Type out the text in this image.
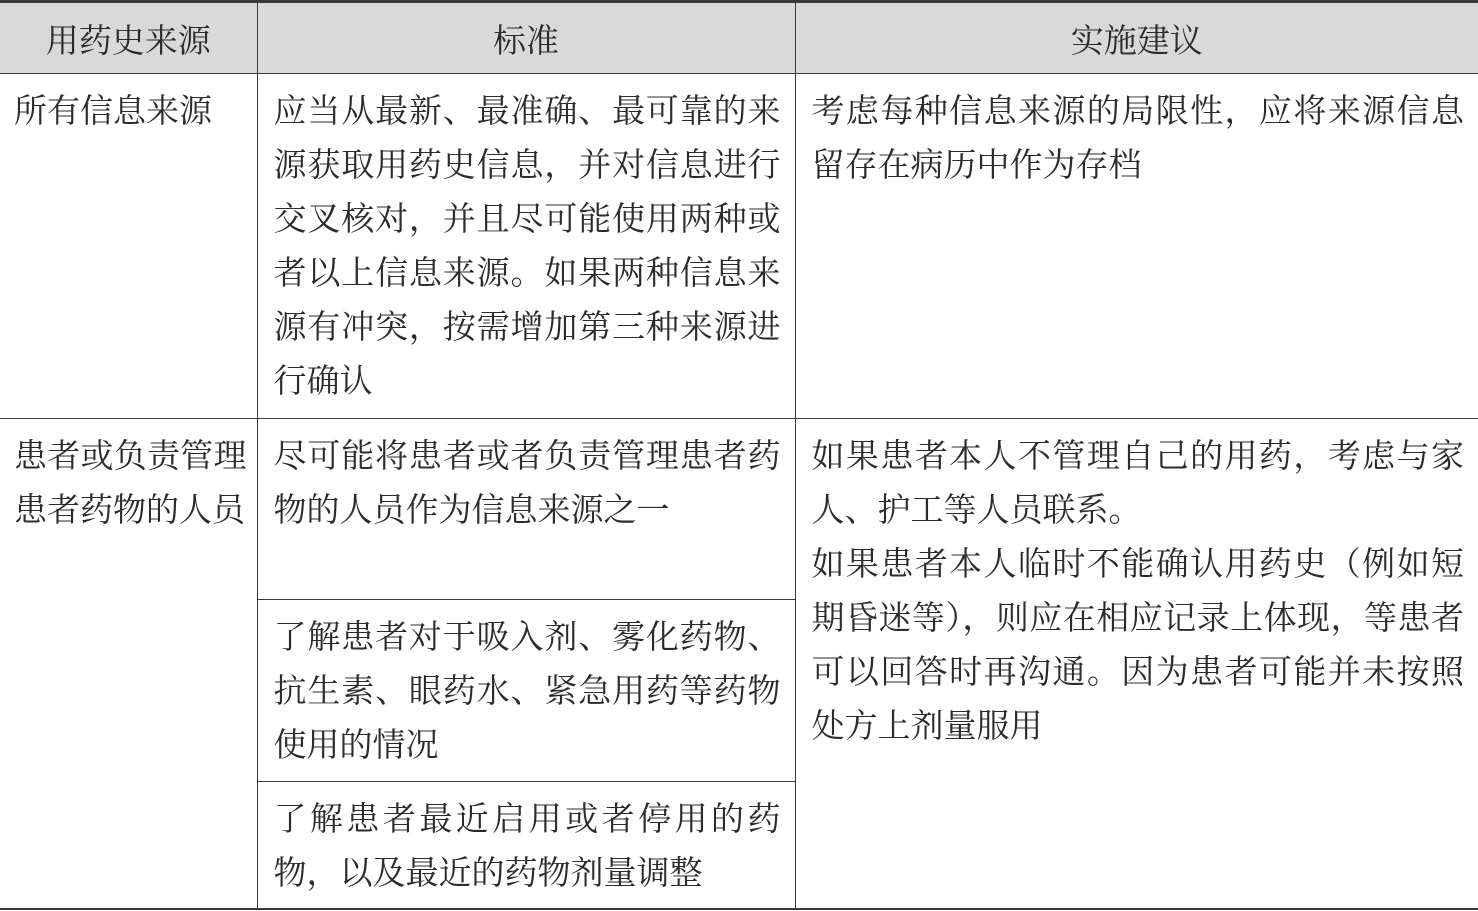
用药史来源	标准	实施建议
所有信息来源	应当从最新、最准确、最可靠的来源获取用药史信息，并对信息进行交叉核对，并且尽可能使用两种或者以上信息来源。如果两种信息来源有冲突，按需增加第三种来源进行确认	考虑每种信息来源的局限性，应将来源信息留存在病历中作为存档

患者或负责管理患者药物的人员	尽可能将患者或者负责管理患者药物的人员作为信息来源之一	如果患者本人不管理自己的用药，考虑与家人、护工等人员联系。
如果患者本人临时不能确认用药史（例如短期昏迷等），则应在相应记录上体现，等患者可以回答时再沟通。因为患者可能并未按照处方上剂量服用

	了解患者对于吸入剂、雾化药物、抗生素、眼药水、紧急用药等药物使用的情况	
	了解患者最近启用或者停用的药物，以及最近的药物剂量调整	
